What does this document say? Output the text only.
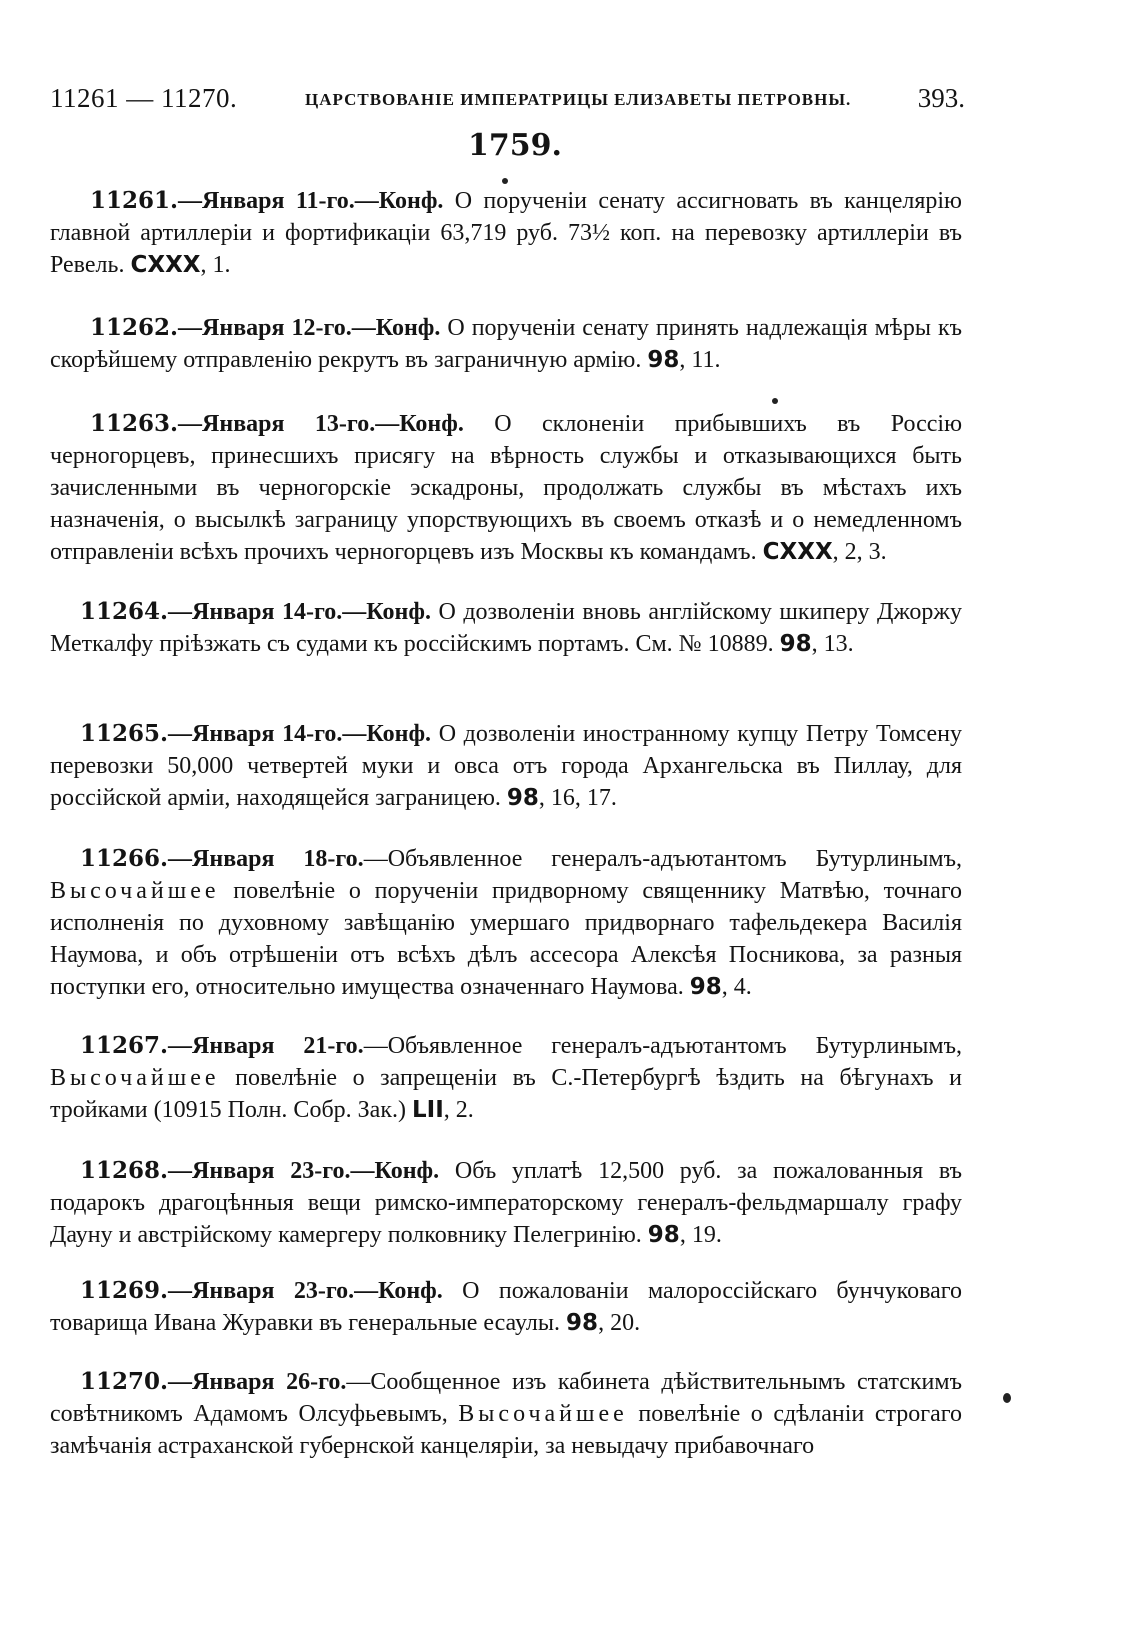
11261 — 11270.	ЦАРСТВОВАНІЕ ИМПЕРАТРИЦЫ ЕЛИЗАВЕТЫ ПЕТРОВНЫ. 393.
1759.
11261.—Января 11-го.—Конф. О порученіи сенату ассигновать въ канцелярію главной артиллеріи и фортификаціи 63,719 руб. 73½ коп. на перевозку артиллеріи въ Ревель. CXXX, 1.
11262.—Января 12-го.—Конф. О порученіи сенату принять надлежащія мѣры къ скорѣйшему отправленію рекрутъ въ заграничную армію. 98, 11.
11263.—Января 13-го.—Конф. О склоненіи прибывшихъ въ Россію черногорцевъ, принесшихъ присягу на вѣрность службы и отказывающихся быть зачисленными въ черногорскіе эскадроны, продолжать службы въ мѣстахъ ихъ назначенія, о высылкѣ заграницу упорствующихъ въ своемъ отказѣ и о немедленномъ отправленіи всѣхъ прочихъ черногорцевъ изъ Москвы къ командамъ. CXXX, 2, 3.
11264.—Января 14-го.—Конф. О дозволеніи вновь англійскому шкиперу Джоржу Меткалфу пріѣзжать съ судами къ россійскимъ портамъ. См. № 10889. 98, 13.
11265.—Января 14-го.—Конф. О дозволеніи иностранному купцу Петру Томсену перевозки 50,000 четвертей муки и овса отъ города Архангельска въ Пиллау, для россійской арміи, находящейся заграницею. 98, 16, 17.
11266.—Января 18-го.—Объявленное генералъ-адъютантомъ Бутурлинымъ, Высочайшее повелѣніе о порученіи придворному священнику Матвѣю, точнаго исполненія по духовному завѣщанію умершаго придворнаго тафельдекера Василія Наумова, и объ отрѣшеніи отъ всѣхъ дѣлъ ассесора Алексѣя Посникова, за разныя поступки его, относительно имущества означеннаго Наумова. 98, 4.
11267.—Января 21-го.—Объявленное генералъ-адъютантомъ Бутурлинымъ, Высочайшее повелѣніе о запрещеніи въ С.-Петербургѣ ѣздить на бѣгунахъ и тройками (10915 Полн. Собр. Зак.) LII, 2.
11268.—Января 23-го.—Конф. Объ уплатѣ 12,500 руб. за пожалованныя въ подарокъ драгоцѣнныя вещи римско-императорскому генералъ-фельдмаршалу графу Дауну и австрійскому камергеру полковнику Пелегринію. 98, 19.
11269.—Января 23-го.—Конф. О пожалованіи малороссійскаго бунчуковаго товарища Ивана Журавки въ генеральные есаулы. 98, 20.
11270.—Января 26-го.—Сообщенное изъ кабинета дѣйствительнымъ статскимъ совѣтникомъ Адамомъ Олсуфьевымъ, Высочайшее повелѣніе о сдѣланіи строгаго замѣчанія астраханской губернской канцеляріи, за невыдачу прибавочнаго
